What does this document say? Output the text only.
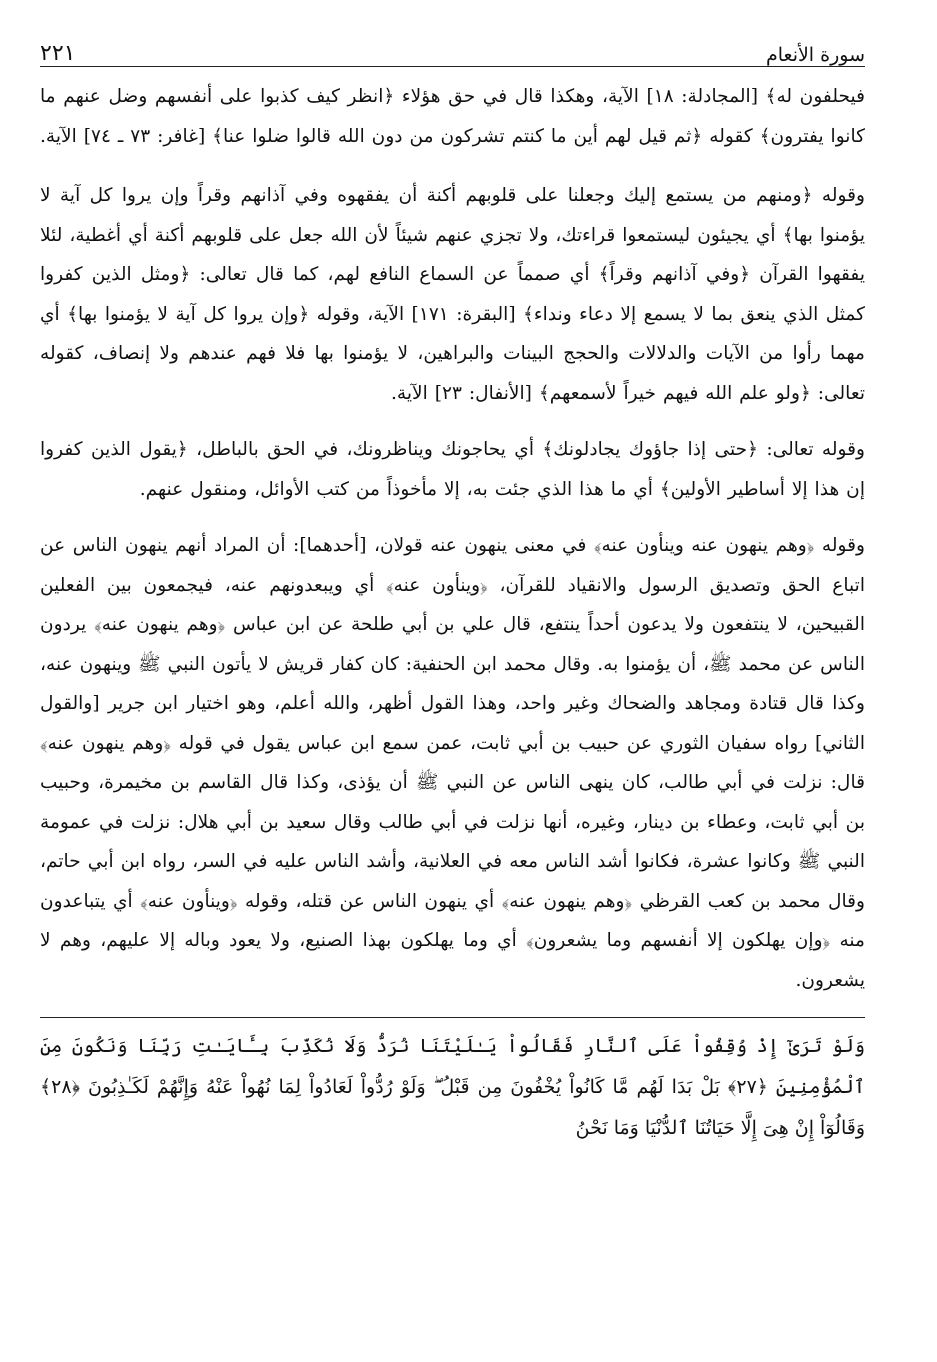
سورة الأنعام
٢٢١

فيحلفون له﴾ [المجادلة: ١٨] الآية، وهكذا قال في حق هؤلاء ﴿انظر كيف كذبوا على أنفسهم وضل عنهم ما كانوا يفترون﴾ كقوله ﴿ثم قيل لهم أين ما كنتم تشركون من دون الله قالوا ضلوا عنا﴾ [غافر: ٧٣ ـ ٧٤] الآية.

وقوله ﴿ومنهم من يستمع إليك وجعلنا على قلوبهم أكنة أن يفقهوه وفي آذانهم وقراً وإن يروا كل آية لا يؤمنوا بها﴾ أي يجيئون ليستمعوا قراءتك، ولا تجزي عنهم شيئاً لأن الله جعل على قلوبهم أكنة أي أغطية، لئلا يفقهوا القرآن ﴿وفي آذانهم وقراً﴾ أي صمماً عن السماع النافع لهم، كما قال تعالى: ﴿ومثل الذين كفروا كمثل الذي ينعق بما لا يسمع إلا دعاء ونداء﴾ [البقرة: ١٧١] الآية، وقوله ﴿وإن يروا كل آية لا يؤمنوا بها﴾ أي مهما رأوا من الآيات والدلالات والحجج البينات والبراهين، لا يؤمنوا بها فلا فهم عندهم ولا إنصاف، كقوله تعالى: ﴿ولو علم الله فيهم خيراً لأسمعهم﴾ [الأنفال: ٢٣] الآية.

وقوله تعالى: ﴿حتى إذا جاؤوك يجادلونك﴾ أي يحاجونك ويناظرونك، في الحق بالباطل، ﴿يقول الذين كفروا إن هذا إلا أساطير الأولين﴾ أي ما هذا الذي جئت به، إلا مأخوذاً من كتب الأوائل، ومنقول عنهم.

وقوله ﴿وهم ينهون عنه وينأون عنه﴾ في معنى ينهون عنه قولان، [أحدهما]: أن المراد أنهم ينهون الناس عن اتباع الحق وتصديق الرسول والانقياد للقرآن، ﴿وينأون عنه﴾ أي ويبعدونهم عنه، فيجمعون بين الفعلين القبيحين، لا ينتفعون ولا يدعون أحداً ينتفع، قال علي بن أبي طلحة عن ابن عباس ﴿وهم ينهون عنه﴾ يردون الناس عن محمد ﷺ، أن يؤمنوا به. وقال محمد ابن الحنفية: كان كفار قريش لا يأتون النبي ﷺ وينهون عنه، وكذا قال قتادة ومجاهد والضحاك وغير واحد، وهذا القول أظهر، والله أعلم، وهو اختيار ابن جرير [والقول الثاني] رواه سفيان الثوري عن حبيب بن أبي ثابت، عمن سمع ابن عباس يقول في قوله ﴿وهم ينهون عنه﴾ قال: نزلت في أبي طالب، كان ينهى الناس عن النبي ﷺ أن يؤذى، وكذا قال القاسم بن مخيمرة، وحبيب بن أبي ثابت، وعطاء بن دينار، وغيره، أنها نزلت في أبي طالب وقال سعيد بن أبي هلال: نزلت في عمومة النبي ﷺ وكانوا عشرة، فكانوا أشد الناس معه في العلانية، وأشد الناس عليه في السر، رواه ابن أبي حاتم، وقال محمد بن كعب القرظي ﴿وهم ينهون عنه﴾ أي ينهون الناس عن قتله، وقوله ﴿وينأون عنه﴾ أي يتباعدون منه ﴿وإن يهلكون إلا أنفسهم وما يشعرون﴾ أي وما يهلكون بهذا الصنيع، ولا يعود وباله إلا عليهم، وهم لا يشعرون.

وَلَوْ تَرَىٰٓ إِذْ وُقِفُواْ عَلَى ٱلنَّارِ فَقَالُواْ يَـٰلَيْتَنَا نُرَدُّ وَلَا نُكَذِّبَ بِـَٔايَـٰتِ رَبِّنَا وَنَكُونَ مِنَ ٱلْمُؤْمِنِينَ ﴿٢٧﴾ بَلْ بَدَا لَهُم مَّا كَانُواْ يُخْفُونَ مِن قَبْلُ ۖ وَلَوْ رُدُّواْ لَعَادُواْ لِمَا نُهُواْ عَنْهُ وَإِنَّهُمْ لَكَـٰذِبُونَ ﴿٢٨﴾ وَقَالُوٓاْ إِنْ هِىَ إِلَّا حَيَاتُنَا ٱلدُّنْيَا وَمَا نَحْنُ
